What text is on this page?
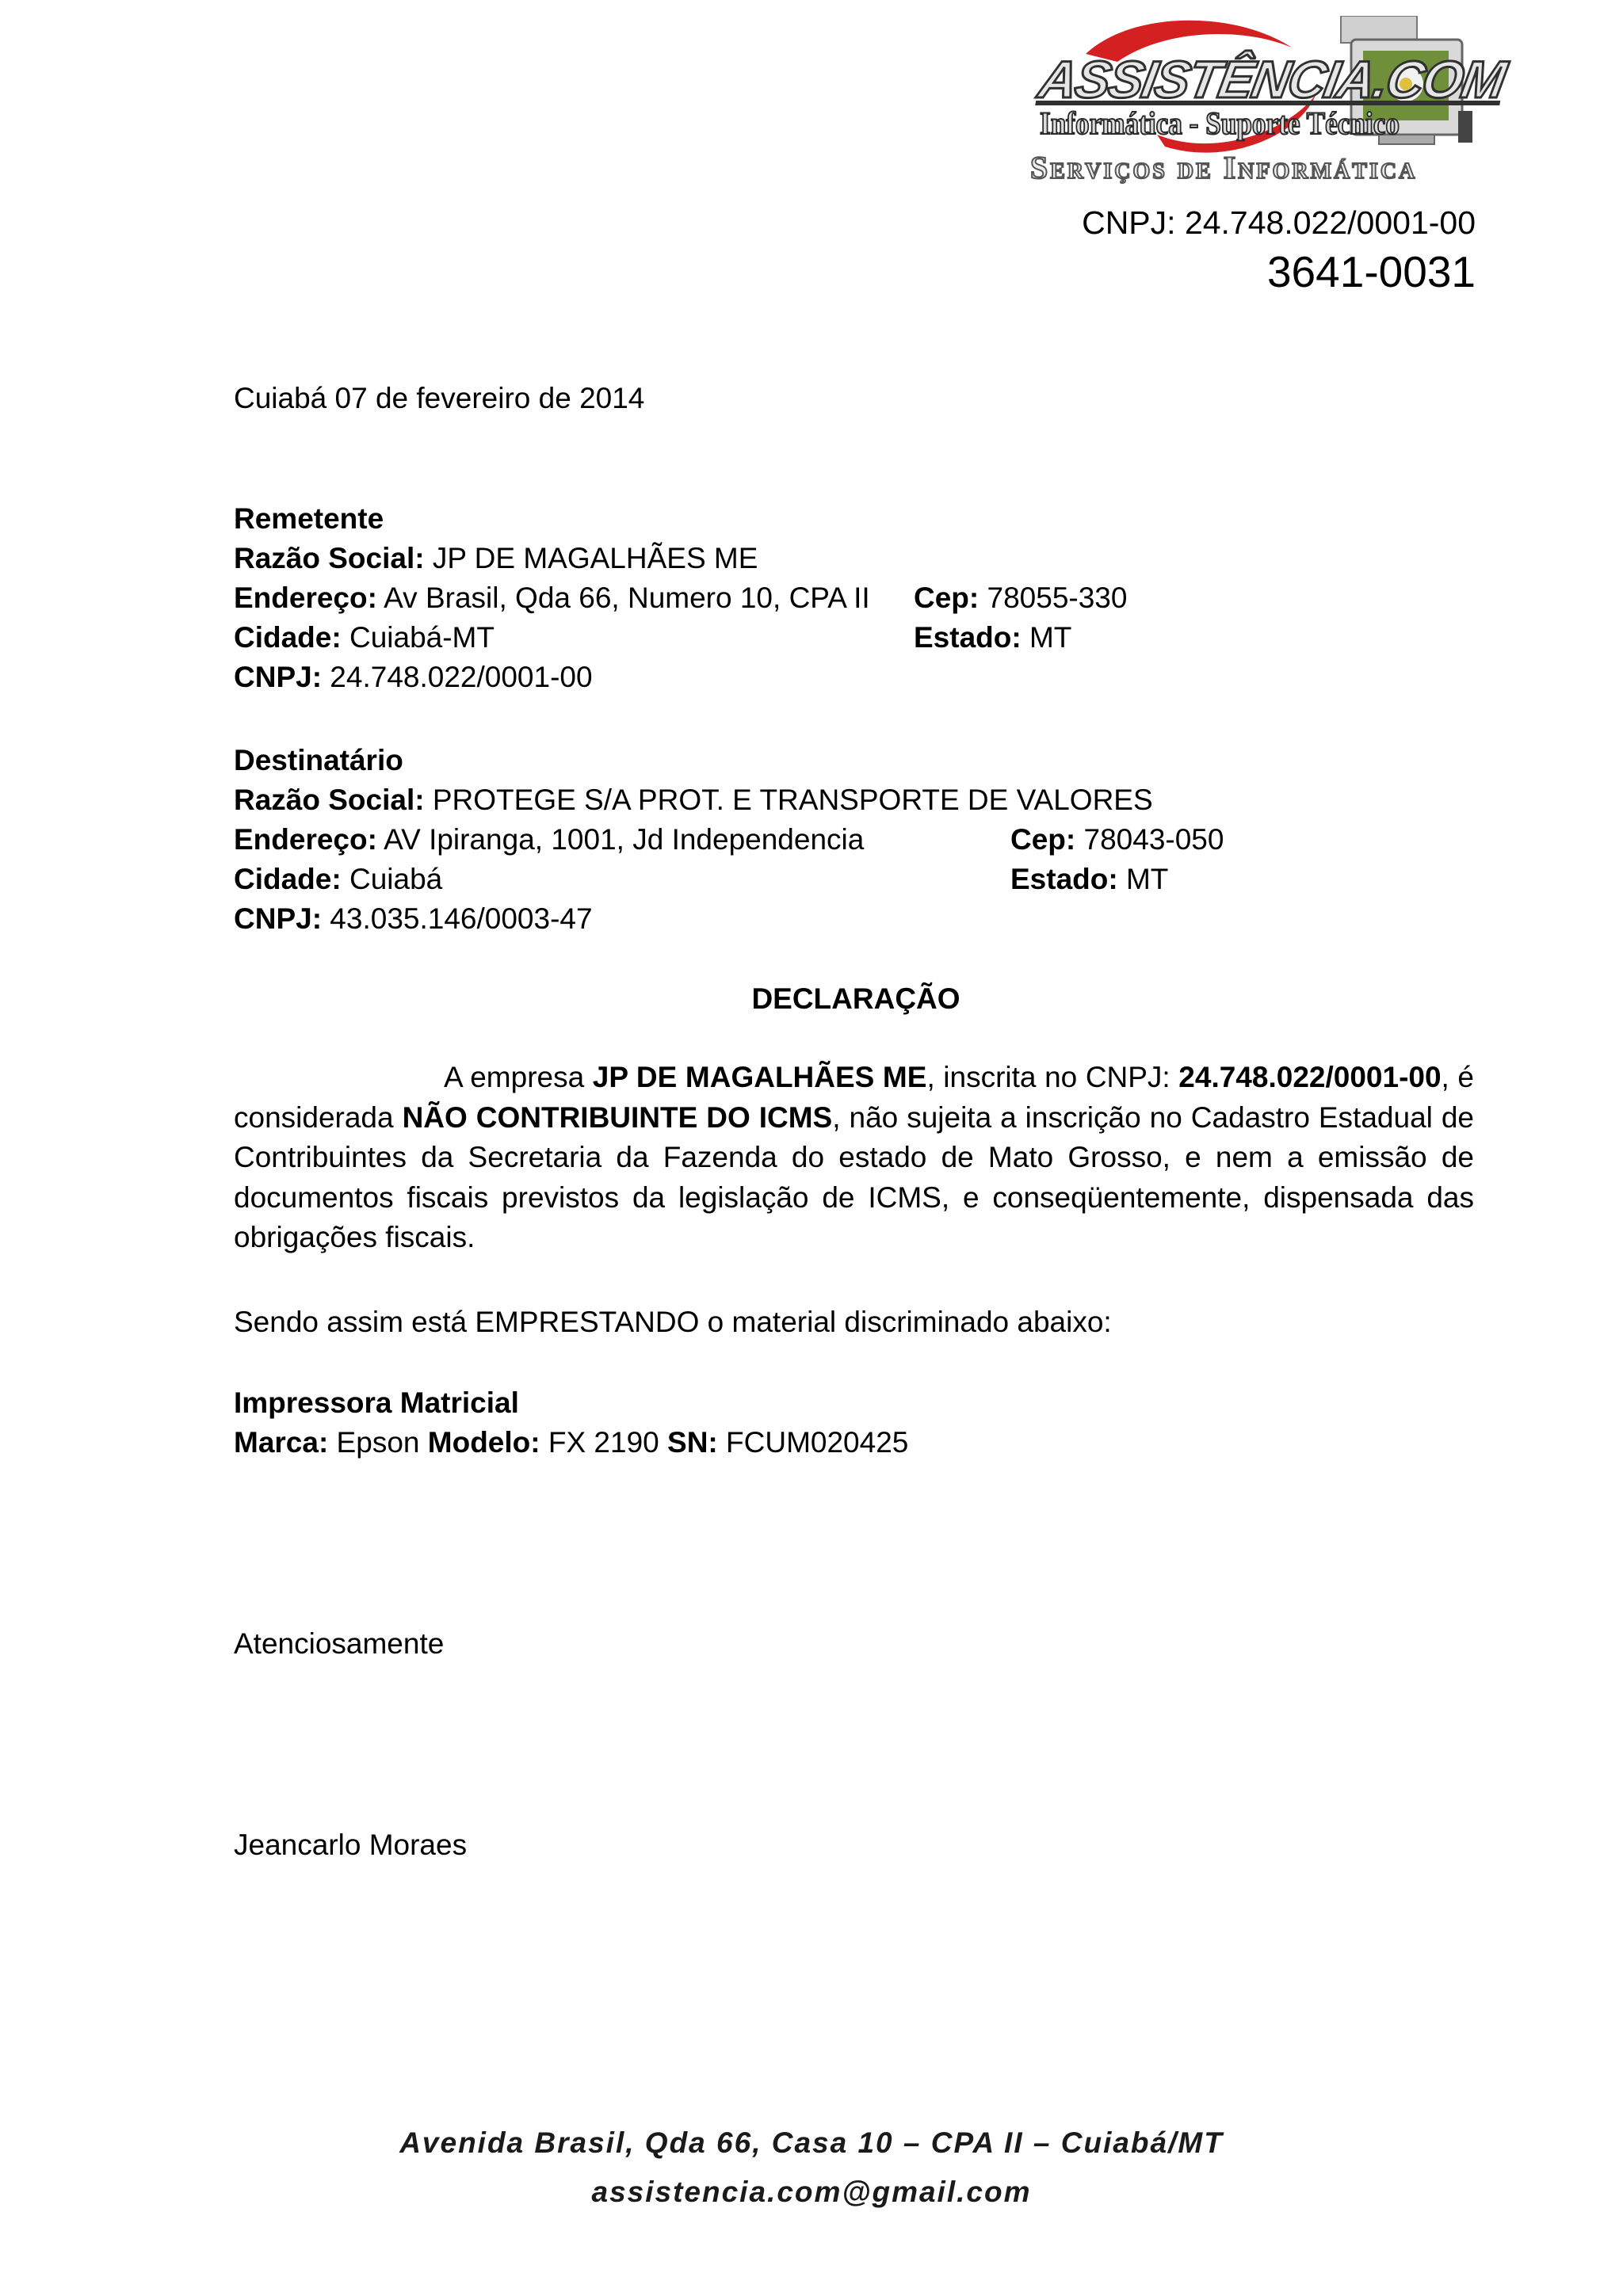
ASSISTÊNCIA.COM
Informática - Suporte Técnico
Serviços de Informática
CNPJ: 24.748.022/0001-00
3641-0031
Cuiabá 07 de fevereiro de 2014
Remetente
Razão Social: JP DE MAGALHÃES ME
Endereço: Av Brasil, Qda 66, Numero 10, CPA II Cep: 78055-330
Cidade: Cuiabá-MT	Estado: MT
CNPJ: 24.748.022/0001-00
Destinatário
Razão Social: PROTEGE S/A PROT. E TRANSPORTE DE VALORES
Endereço: AV Ipiranga, 1001, Jd Independencia	Cep: 78043-050
Cidade: Cuiabá	Estado: MT
CNPJ: 43.035.146/0003-47
DECLARAÇÃO
A empresa JP DE MAGALHÃES ME, inscrita no CNPJ: 24.748.022/0001-00, é considerada NÃO CONTRIBUINTE DO ICMS, não sujeita a inscrição no Cadastro Estadual de Contribuintes da Secretaria da Fazenda do estado de Mato Grosso, e nem a emissão de documentos fiscais previstos da legislação de ICMS, e conseqüentemente, dispensada das obrigações fiscais.
Sendo assim está EMPRESTANDO o material discriminado abaixo:
Impressora Matricial
Marca: Epson Modelo: FX 2190 SN: FCUM020425
Atenciosamente
Jeancarlo Moraes
Avenida Brasil, Qda 66, Casa 10 – CPA II – Cuiabá/MT
assistencia.com@gmail.com
